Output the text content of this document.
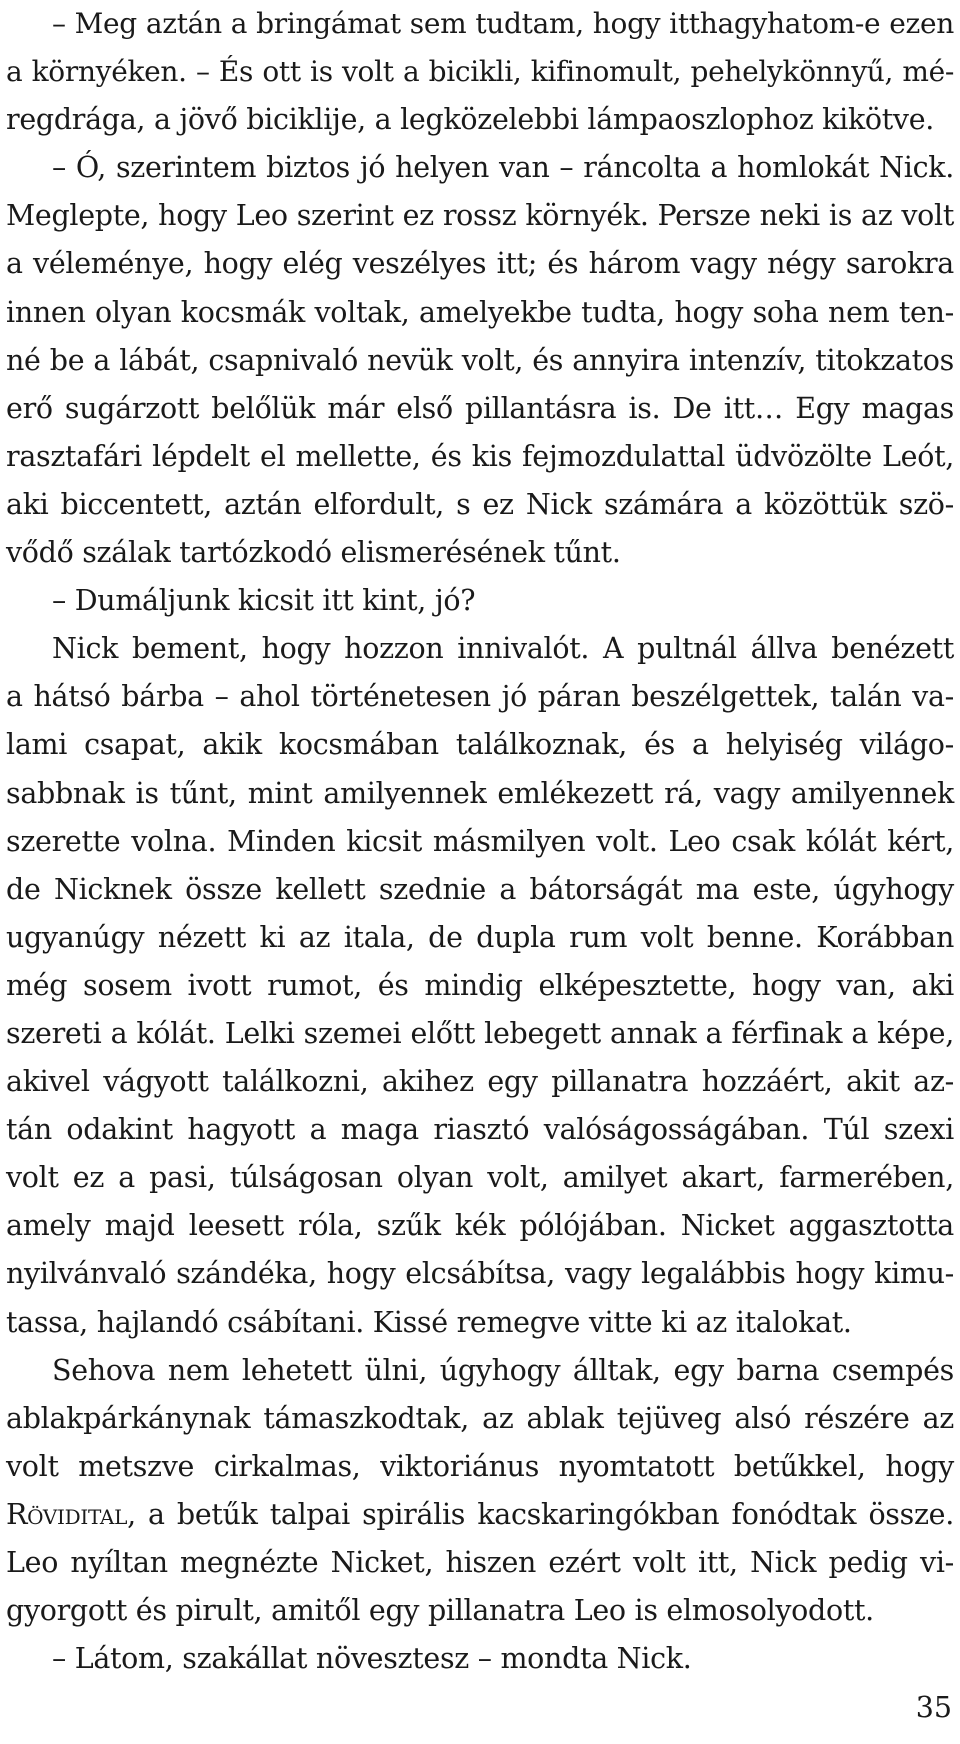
– Meg aztán a bringámat sem tudtam, hogy itthagyhatom-e ezen
a környéken. – És ott is volt a bicikli, kifinomult, pehelykönnyű, mé-
regdrága, a jövő biciklije, a legközelebbi lámpaoszlophoz kikötve.
– Ó, szerintem biztos jó helyen van – ráncolta a homlokát Nick.
Meglepte, hogy Leo szerint ez rossz környék. Persze neki is az volt
a véleménye, hogy elég veszélyes itt; és három vagy négy sarokra
innen olyan kocsmák voltak, amelyekbe tudta, hogy soha nem ten-
né be a lábát, csapnivaló nevük volt, és annyira intenzív, titokzatos
erő sugárzott belőlük már első pillantásra is. De itt… Egy magas
rasztafári lépdelt el mellette, és kis fejmozdulattal üdvözölte Leót,
aki biccentett, aztán elfordult, s ez Nick számára a közöttük szö-
vődő szálak tartózkodó elismerésének tűnt.
– Dumáljunk kicsit itt kint, jó?
Nick bement, hogy hozzon innivalót. A pultnál állva benézett
a hátsó bárba – ahol történetesen jó páran beszélgettek, talán va-
lami csapat, akik kocsmában találkoznak, és a helyiség világo-
sabbnak is tűnt, mint amilyennek emlékezett rá, vagy amilyennek
szerette volna. Minden kicsit másmilyen volt. Leo csak kólát kért,
de Nicknek össze kellett szednie a bátorságát ma este, úgyhogy
ugyanúgy nézett ki az itala, de dupla rum volt benne. Korábban
még sosem ivott rumot, és mindig elképesztette, hogy van, aki
szereti a kólát. Lelki szemei előtt lebegett annak a férfinak a képe,
akivel vágyott találkozni, akihez egy pillanatra hozzáért, akit az-
tán odakint hagyott a maga riasztó valóságosságában. Túl szexi
volt ez a pasi, túlságosan olyan volt, amilyet akart, farmerében,
amely majd leesett róla, szűk kék pólójában. Nicket aggasztotta
nyilvánvaló szándéka, hogy elcsábítsa, vagy legalábbis hogy kimu-
tassa, hajlandó csábítani. Kissé remegve vitte ki az italokat.
Sehova nem lehetett ülni, úgyhogy álltak, egy barna csempés
ablakpárkánynak támaszkodtak, az ablak tejüveg alsó részére az
volt metszve cirkalmas, viktoriánus nyomtatott betűkkel, hogy
Rövidital, a betűk talpai spirális kacskaringókban fonódtak össze.
Leo nyíltan megnézte Nicket, hiszen ezért volt itt, Nick pedig vi-
gyorgott és pirult, amitől egy pillanatra Leo is elmosolyodott.
– Látom, szakállat növesztesz – mondta Nick.
35
